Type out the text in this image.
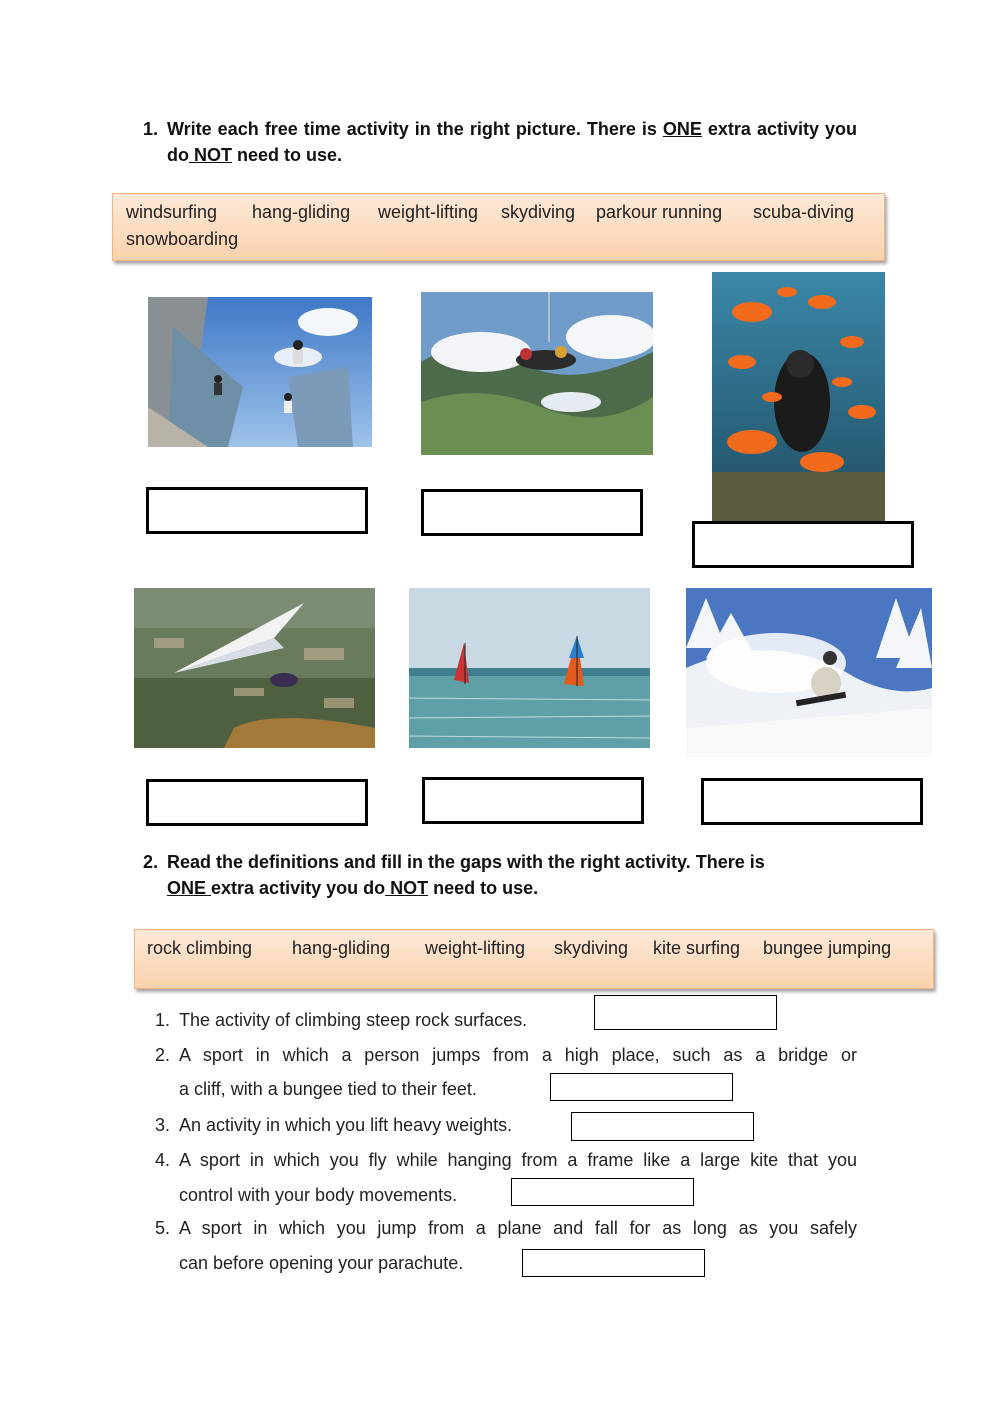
1. Write each free time activity in the right picture. There is ONE extra activity you do NOT need to use.
windsurfing hang-gliding weight-lifting skydiving parkour running scuba-diving
snowboarding
2. Read the definitions and fill in the gaps with the right activity. There is
ONE extra activity you do NOT need to use.
rock climbing hang-gliding weight-lifting skydiving kite surfing bungee jumping
1. The activity of climbing steep rock surfaces.
2. A sport in which a person jumps from a high place, such as a bridge or
a cliff, with a bungee tied to their feet.
3. An activity in which you lift heavy weights.
4. A sport in which you fly while hanging from a frame like a large kite that you
control with your body movements.
5. A sport in which you jump from a plane and fall for as long as you safely
can before opening your parachute.
